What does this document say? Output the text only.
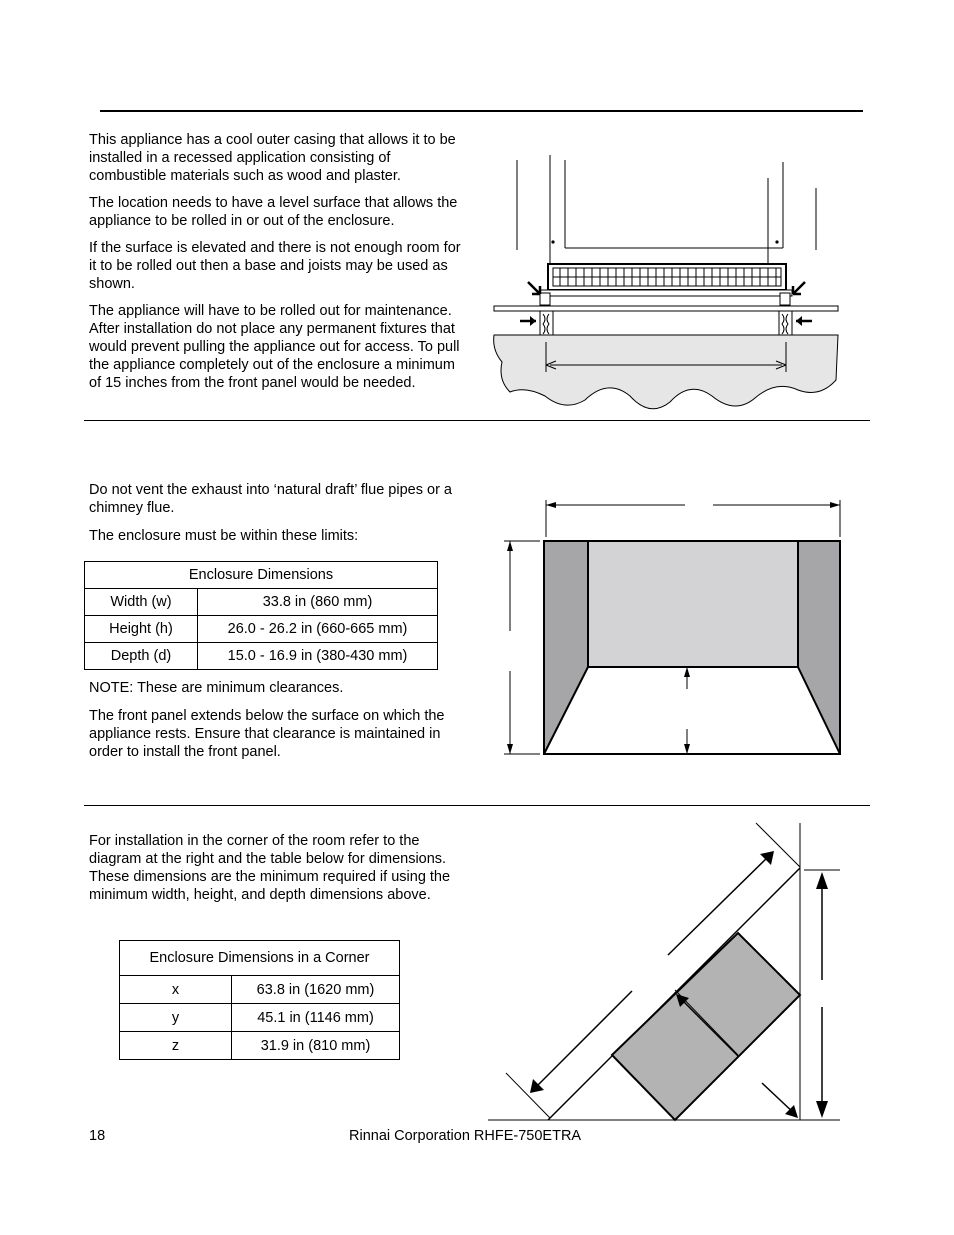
This appliance has a cool outer casing that allows it to be installed in a recessed application consisting of combustible materials such as wood and plaster.

The location needs to have a level surface that allows the appliance to be rolled in or out of the enclosure.

If the surface is elevated and there is not enough room for it to be rolled out then a base and joists may be used as shown.

The appliance will have to be rolled out for maintenance. After installation do not place any permanent fixtures that would prevent pulling the appliance out for access. To pull the appliance completely out of the enclosure a minimum of 15 inches from the front panel would be needed.

Do not vent the exhaust into ‘natural draft’ flue pipes or a chimney flue.

The enclosure must be within these limits:

Enclosure Dimensions	
Width (w)	33.8 in (860 mm)
Height (h)	26.0 - 26.2 in (660-665 mm)
Depth (d)	15.0 - 16.9 in (380-430 mm)

NOTE: These are minimum clearances.

The front panel extends below the surface on which the appliance rests. Ensure that clearance is maintained in order to install the front panel.

For installation in the corner of the room refer to the diagram at the right and the table below for dimensions. These dimensions are the minimum required if using the minimum width, height, and depth dimensions above.

Enclosure Dimensions in a Corner	
x	63.8 in (1620 mm)
y	45.1 in (1146 mm)
z	31.9 in (810 mm)
18	Rinnai Corporation RHFE-750ETRA
